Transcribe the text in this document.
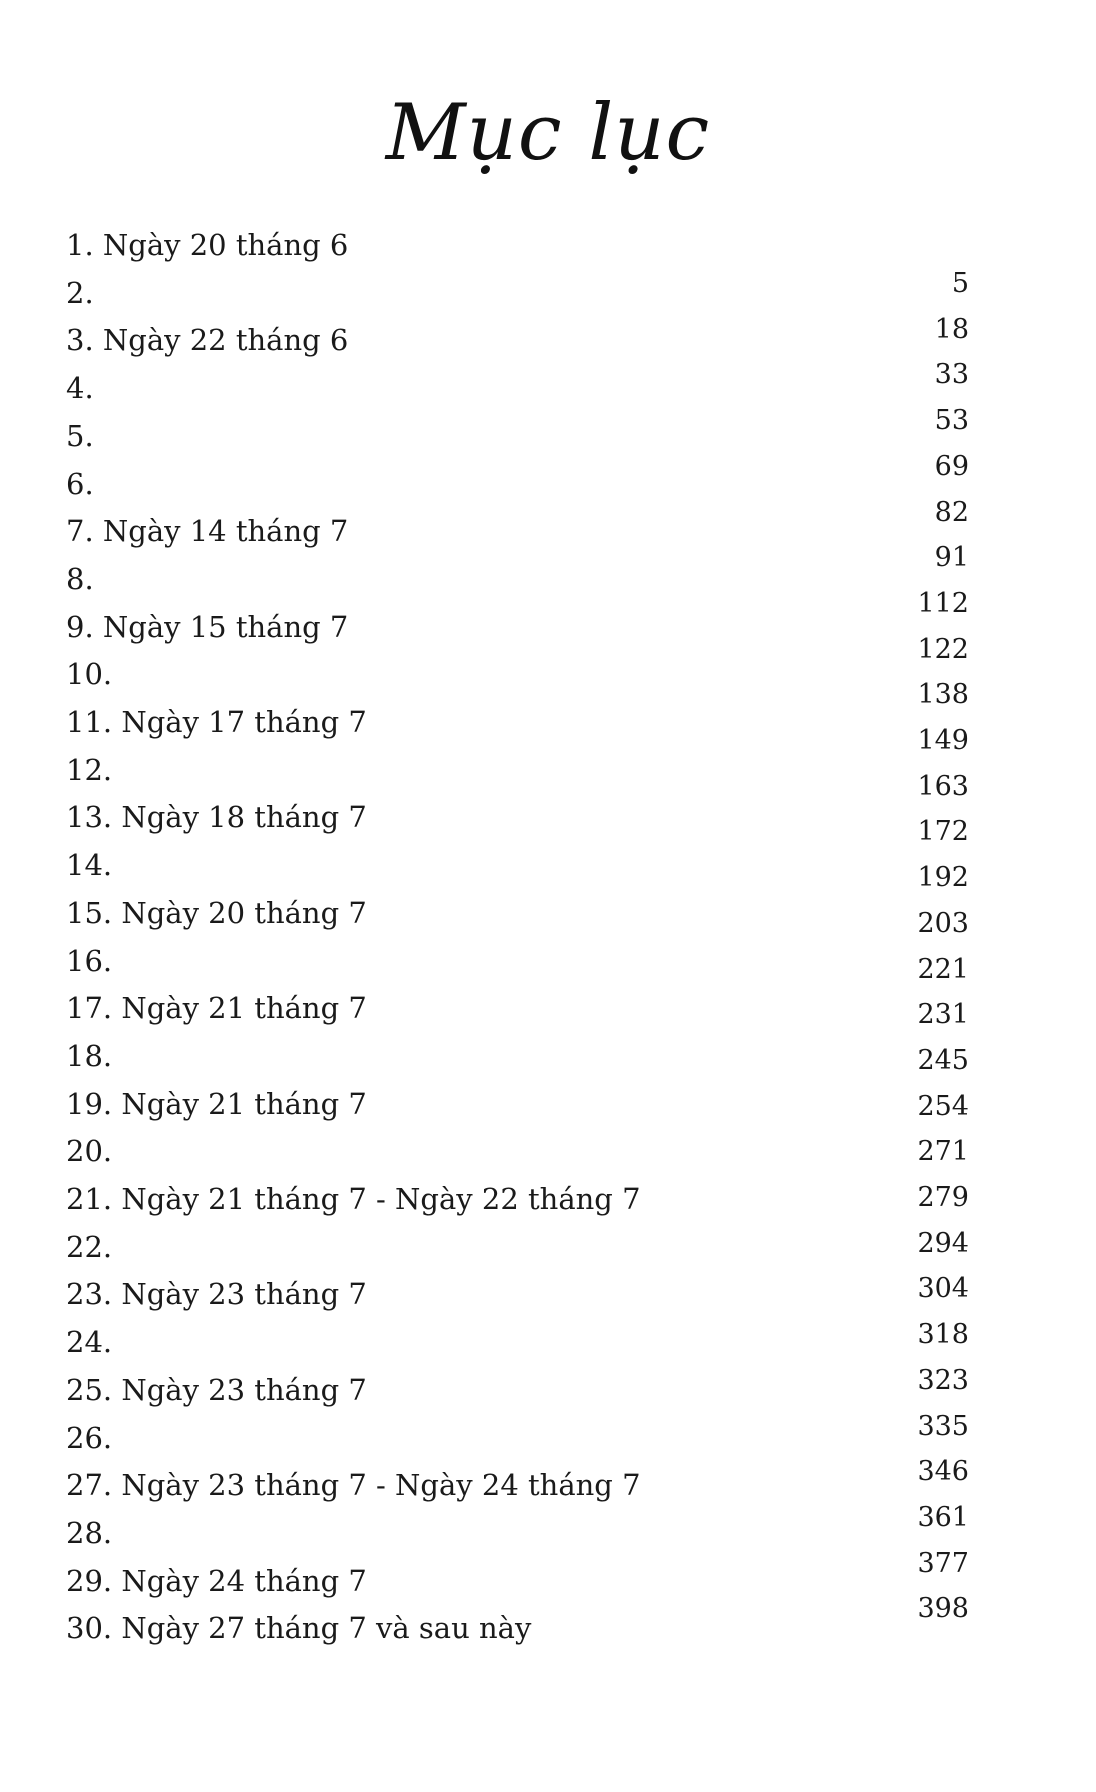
Mục lục
1. Ngày 20 tháng 6
2.
3. Ngày 22 tháng 6
4.
5.
6.
7. Ngày 14 tháng 7
8.
9. Ngày 15 tháng 7
10.
11. Ngày 17 tháng 7
12.
13. Ngày 18 tháng 7
14.
15. Ngày 20 tháng 7
16.
17. Ngày 21 tháng 7
18.
19. Ngày 21 tháng 7
20.
21. Ngày 21 tháng 7 - Ngày 22 tháng 7
22.
23. Ngày 23 tháng 7
24.
25. Ngày 23 tháng 7
26.
27. Ngày 23 tháng 7 - Ngày 24 tháng 7
28.
29. Ngày 24 tháng 7
30. Ngày 27 tháng 7 và sau này
5
18
33
53
69
82
91
112
122
138
149
163
172
192
203
221
231
245
254
271
279
294
304
318
323
335
346
361
377
398
